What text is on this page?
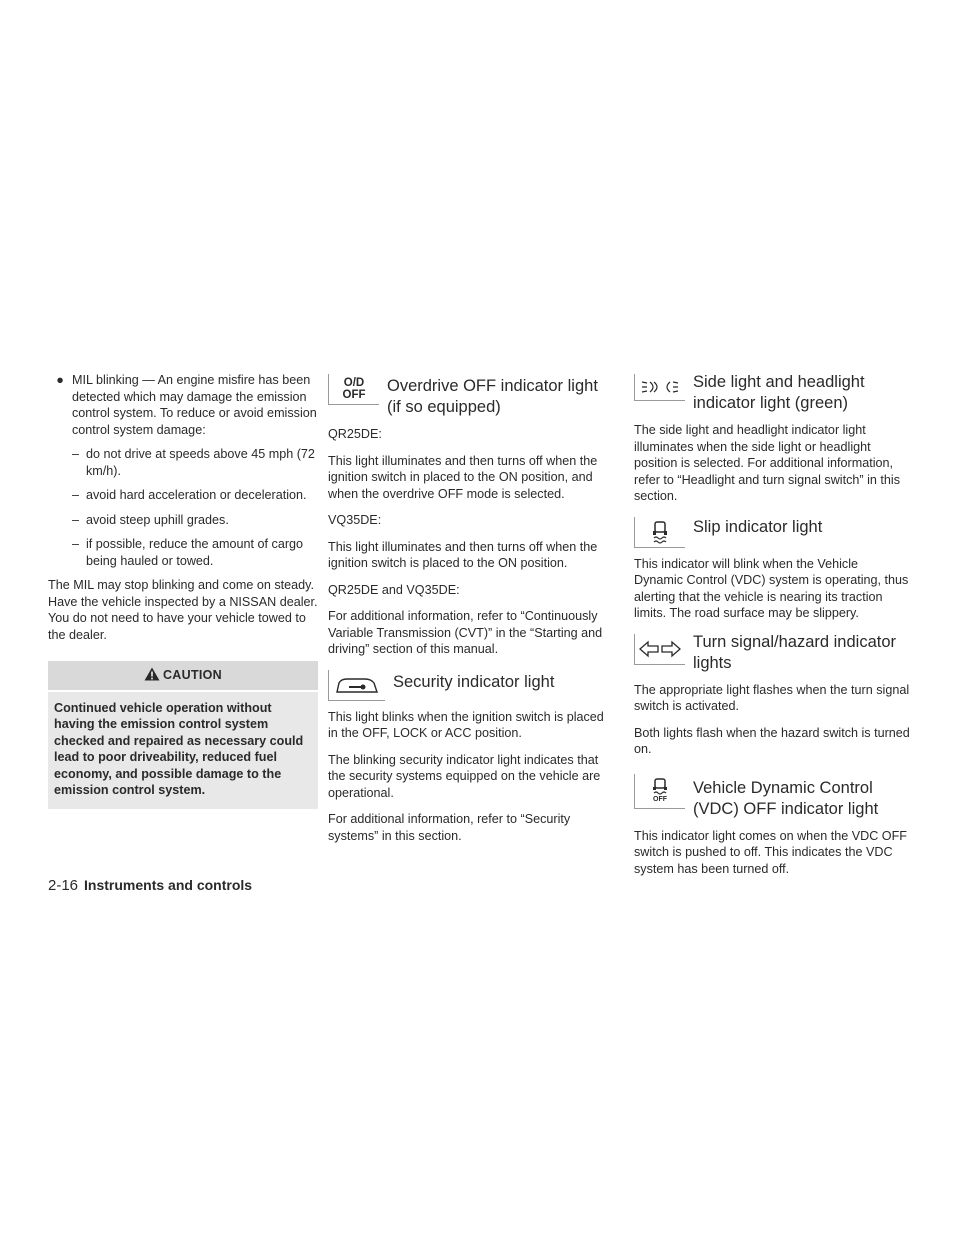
● MIL blinking — An engine misfire has been detected which may damage the emission control system. To reduce or avoid emission control system damage:
– do not drive at speeds above 45 mph (72 km/h).
– avoid hard acceleration or deceleration.
– avoid steep uphill grades.
– if possible, reduce the amount of cargo being hauled or towed.

The MIL may stop blinking and come on steady. Have the vehicle inspected by a NISSAN dealer. You do not need to have your vehicle towed to the dealer.

CAUTION
Continued vehicle operation without having the emission control system checked and repaired as necessary could lead to poor driveability, reduced fuel economy, and possible damage to the emission control system.
O/D
OFF Overdrive OFF indicator light (if so equipped)

QR25DE:

This light illuminates and then turns off when the ignition switch in placed to the ON position, and when the overdrive OFF mode is selected.

VQ35DE:

This light illuminates and then turns off when the ignition switch is placed to the ON position.

QR25DE and VQ35DE:

For additional information, refer to “Continuously Variable Transmission (CVT)” in the “Starting and driving” section of this manual.

Security indicator light

This light blinks when the ignition switch is placed in the OFF, LOCK or ACC position.

The blinking security indicator light indicates that the security systems equipped on the vehicle are operational.

For additional information, refer to “Security systems” in this section.

Side light and headlight indicator light (green)

The side light and headlight indicator light illuminates when the side light or headlight position is selected. For additional information, refer to “Headlight and turn signal switch” in this section.

Slip indicator light

This indicator will blink when the Vehicle Dynamic Control (VDC) system is operating, thus alerting that the vehicle is nearing its traction limits. The road surface may be slippery.

Turn signal/hazard indicator lights

The appropriate light flashes when the turn signal switch is activated.

Both lights flash when the hazard switch is turned on.

OFF
Vehicle Dynamic Control (VDC) OFF indicator light

This indicator light comes on when the VDC OFF switch is pushed to off. This indicates the VDC system has been turned off.

2-16 Instruments and controls
